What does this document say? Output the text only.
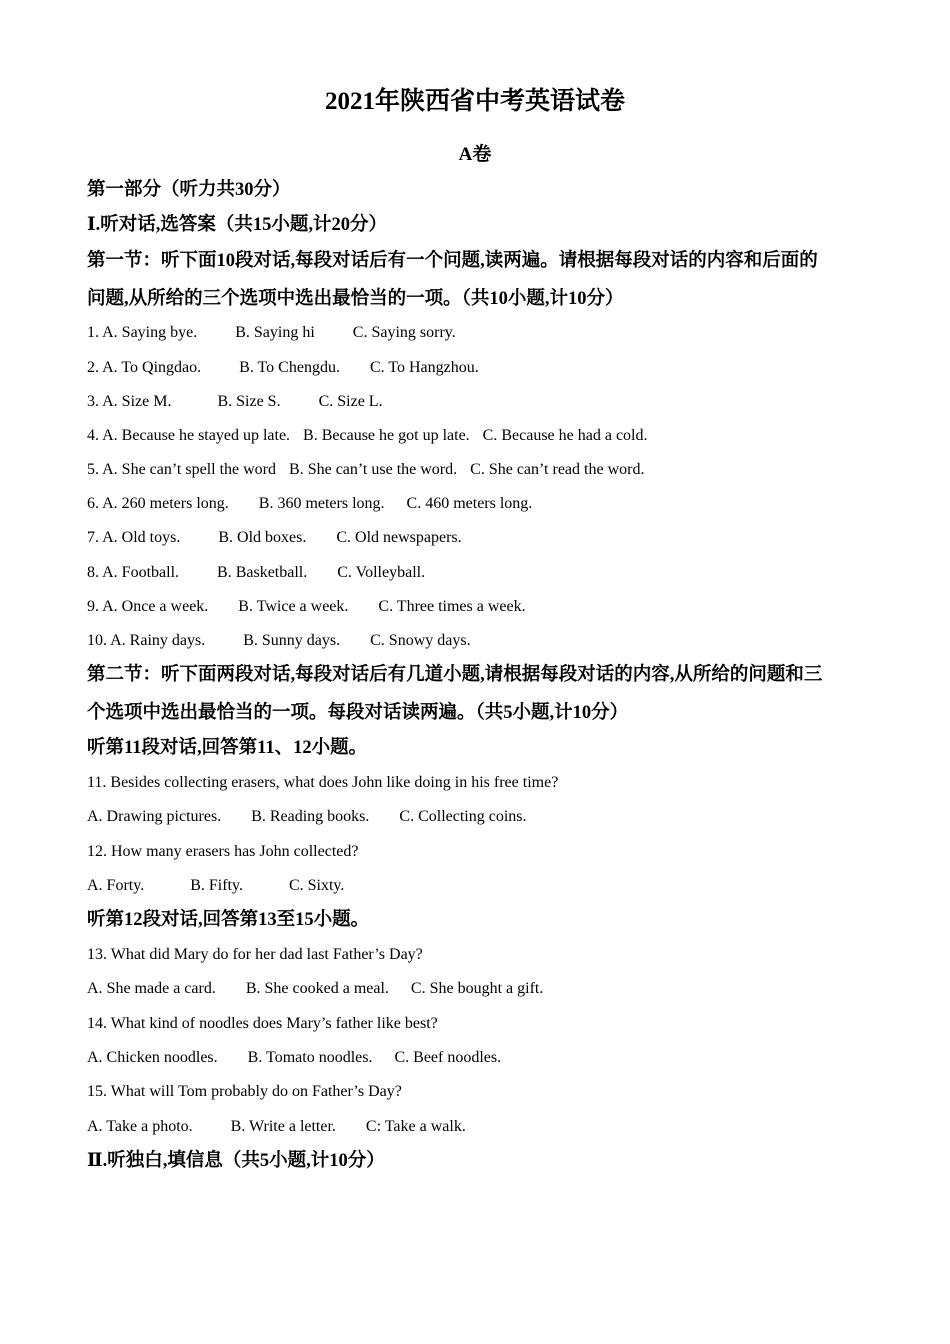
2021年陕西省中考英语试卷
A卷
第一部分（听力共30分）
Ⅰ.听对话,选答案（共15小题,计20分）
第一节：听下面10段对话,每段对话后有一个问题,读两遍。请根据每段对话的内容和后面的
问题,从所给的三个选项中选出最恰当的一项。（共10小题,计10分）
1. A. Saying bye. B. Saying hi C. Saying sorry.
2. A. To Qingdao. B. To Chengdu. C. To Hangzhou.
3. A. Size M.	B. Size S. C. Size L.
4. A. Because he stayed up late. B. Because he got up late. C. Because he had a cold.
5. A. She can’t spell the word B. She can’t use the word. C. She can’t read the word.
6. A. 260 meters long. B. 360 meters long. C. 460 meters long.
7. A. Old toys. B. Old boxes. C. Old newspapers.
8. A. Football. B. Basketball. C. Volleyball.
9. A. Once a week. B. Twice a week. C. Three times a week.
10. A. Rainy days. B. Sunny days. C. Snowy days.
第二节：听下面两段对话,每段对话后有几道小题,请根据每段对话的内容,从所给的问题和三
个选项中选出最恰当的一项。每段对话读两遍。（共5小题,计10分）
听第11段对话,回答第11、12小题。
11. Besides collecting erasers, what does John like doing in his free time?
A. Drawing pictures. B. Reading books. C. Collecting coins.
12. How many erasers has John collected?
A. Forty.	B. Fifty.	C. Sixty.
听第12段对话,回答第13至15小题。
13. What did Mary do for her dad last Father’s Day?
A. She made a card. B. She cooked a meal. C. She bought a gift.
14. What kind of noodles does Mary’s father like best?
A. Chicken noodles. B. Tomato noodles. C. Beef noodles.
15. What will Tom probably do on Father’s Day?
A. Take a photo. B. Write a letter. C: Take a walk.
Ⅱ.听独白,填信息（共5小题,计10分）
